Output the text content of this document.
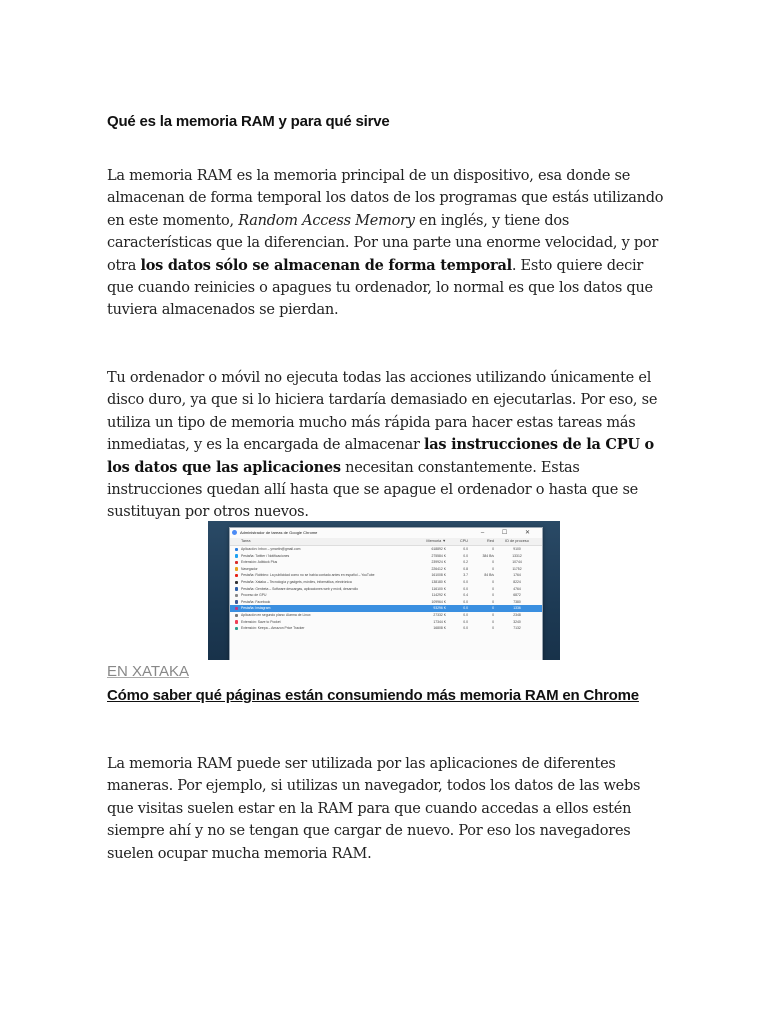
Qué es la memoria RAM y para qué sirve

La memoria RAM es la memoria principal de un dispositivo, esa donde se almacenan de forma temporal los datos de los programas que estás utilizando en este momento, Random Access Memory en inglés, y tiene dos características que la diferencian. Por una parte una enorme velocidad, y por otra los datos sólo se almacenan de forma temporal. Esto quiere decir que cuando reinicies o apagues tu ordenador, lo normal es que los datos que tuviera almacenados se pierdan.

Tu ordenador o móvil no ejecuta todas las acciones utilizando únicamente el disco duro, ya que si lo hiciera tardaría demasiado en ejecutarlas. Por eso, se utiliza un tipo de memoria mucho más rápida para hacer estas tareas más inmediatas, y es la encargada de almacenar las instrucciones de la CPU o los datos que las aplicaciones necesitan constantemente. Estas instrucciones quedan allí hasta que se apague el ordenador o hasta que se sustituyan por otros nuevos.

La memoria RAM puede ser utilizada por las aplicaciones de diferentes maneras. Por ejemplo, si utilizas un navegador, todos los datos de las webs que visitas suelen estar en la RAM para que cuando accedas a ellos estén siempre ahí y no se tengan que cargar de nuevo. Por eso los navegadores suelen ocupar mucha memoria RAM.

Administrador de tareas de Google Chrome	– ☐ ✕
Tarea	Memoria ▼	CPU	Red	ID de proceso
Aplicación: Inbox – ymartin@gmail.com	618892 K	0.0	0	9100
Pestaña: Twitter / Notificaciones	275584 K	0.0	384 B/s	13312
Extensión: Adblock Plus	239924 K	0.2	0	10744
Navegador	226412 K	0.8	0	11752
Pestaña: Robbieo: La publicidad como no se había contado antes en español – YouTube	161008 K	3.7	84 B/s	1764
Pestaña: Xataka – Tecnología y gadgets, móviles, informática, electrónica	138180 K	0.0	0	8224
Pestaña: Genbeta – Software descargas, aplicaciones web y móvil, desarrollo	116100 K	0.0	0	4764
Proceso de GPU	114292 K	0.4	0	6872
Pestaña: Facebook	109964 K	0.0	0	7380
Pestaña: Instagram	93296 K	0.0	0	1336
Aplicación en segundo plano: Alarma de Linux	27332 K	0.0	0	2348
Extensión: Save to Pocket	17344 K	0.0	0	3240
Extensión: Keepa – Amazon Price Tracker	16808 K	0.0	0	7132
EN XATAKA
Cómo saber qué páginas están consumiendo más memoria RAM en Chrome
